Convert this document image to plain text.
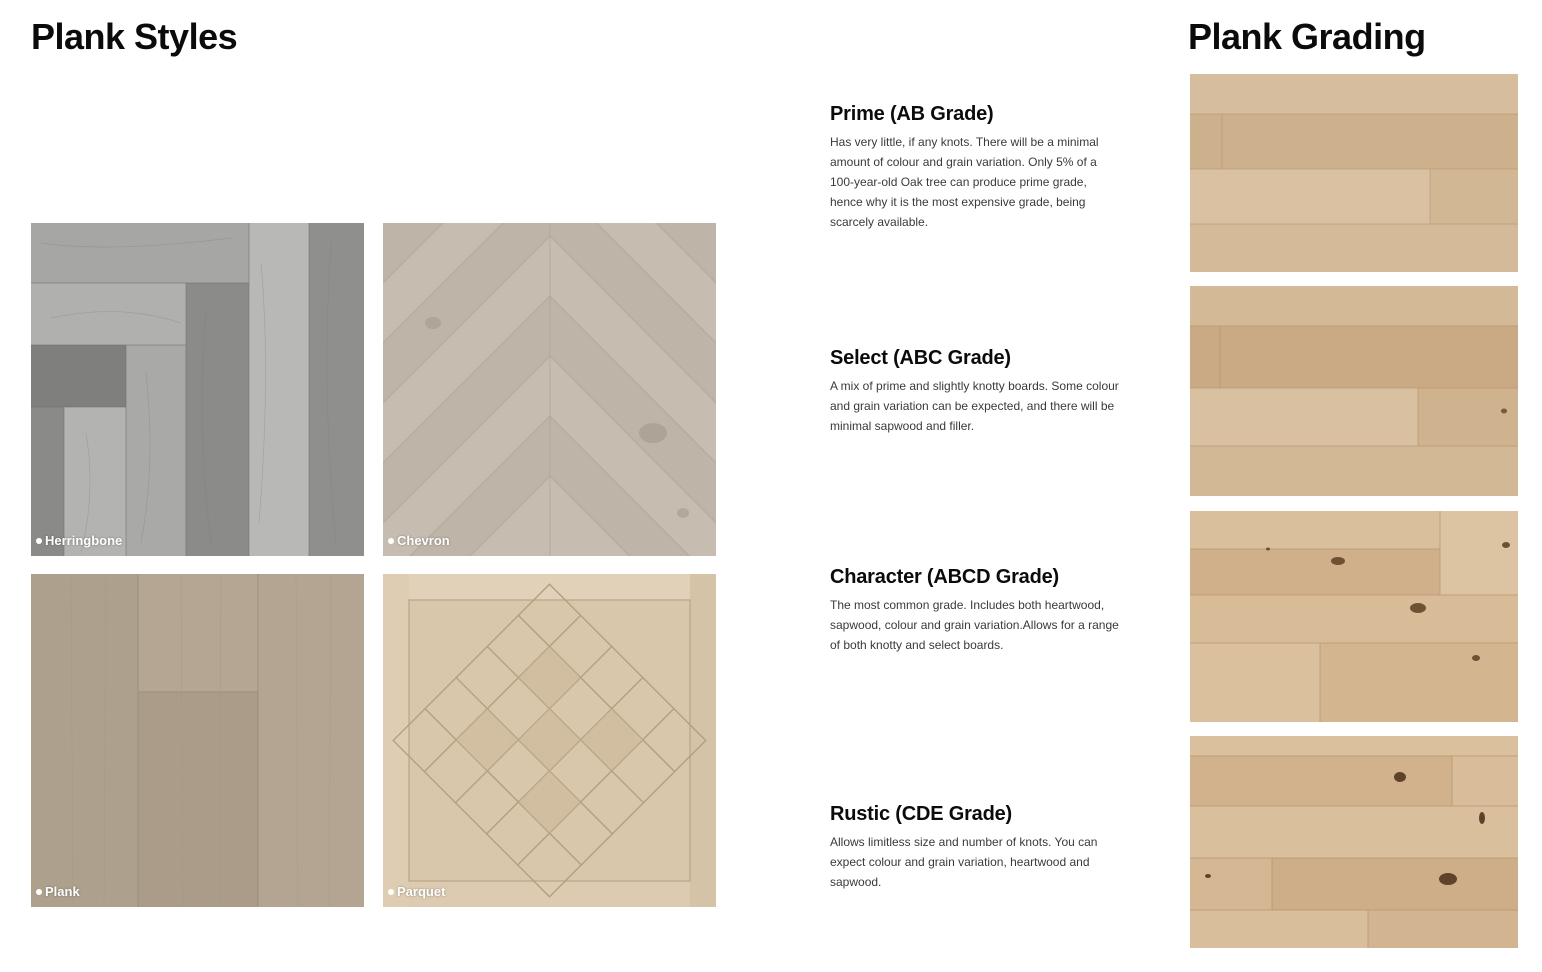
Plank Styles	Plank Grading
Herringbone	Chevron
Plank	Parquet
Prime (AB Grade)

Has very little, if any knots. There will be a minimal amount of colour and grain variation. Only 5% of a 100-year-old Oak tree can produce prime grade, hence why it is the most expensive grade, being scarcely available.

Select (ABC Grade)

A mix of prime and slightly knotty boards. Some colour and grain variation can be expected, and there will be minimal sapwood and filler.

Character (ABCD Grade)

The most common grade. Includes both heartwood, sapwood, colour and grain variation.Allows for a range of both knotty and select boards.

Rustic (CDE Grade)

Allows limitless size and number of knots. You can expect colour and grain variation, heartwood and sapwood.
